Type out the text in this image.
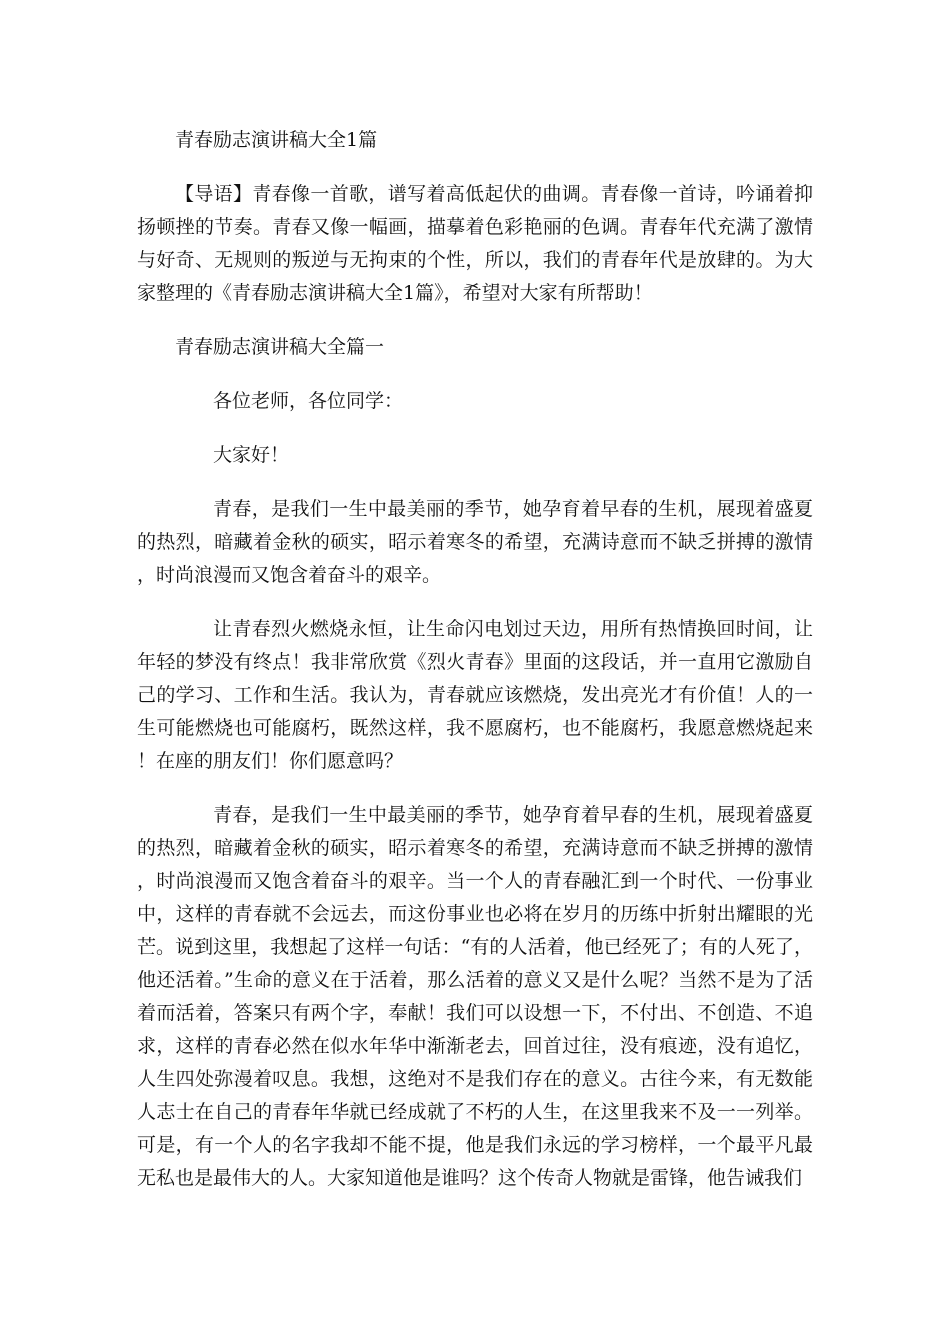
青春励志演讲稿大全1篇

【导语】青春像一首歌，谱写着高低起伏的曲调。青春像一首诗，吟诵着抑扬顿挫的节奏。青春又像一幅画，描摹着色彩艳丽的色调。青春年代充满了激情与好奇、无规则的叛逆与无拘束的个性，所以，我们的青春年代是放肆的。为大家整理的《青春励志演讲稿大全1篇》，希望对大家有所帮助！

青春励志演讲稿大全篇一

各位老师，各位同学：

大家好！

青春，是我们一生中最美丽的季节，她孕育着早春的生机，展现着盛夏的热烈，暗藏着金秋的硕实，昭示着寒冬的希望，充满诗意而不缺乏拼搏的激情，时尚浪漫而又饱含着奋斗的艰辛。

让青春烈火燃烧永恒，让生命闪电划过天边，用所有热情换回时间，让年轻的梦没有终点！我非常欣赏《烈火青春》里面的这段话，并一直用它激励自己的学习、工作和生活。我认为，青春就应该燃烧，发出亮光才有价值！人的一生可能燃烧也可能腐朽，既然这样，我不愿腐朽，也不能腐朽，我愿意燃烧起来！在座的朋友们！你们愿意吗？

青春，是我们一生中最美丽的季节，她孕育着早春的生机，展现着盛夏的热烈，暗藏着金秋的硕实，昭示着寒冬的希望，充满诗意而不缺乏拼搏的激情，时尚浪漫而又饱含着奋斗的艰辛。当一个人的青春融汇到一个时代、一份事业中，这样的青春就不会远去，而这份事业也必将在岁月的历练中折射出耀眼的光芒。说到这里，我想起了这样一句话：“有的人活着，他已经死了；有的人死了，他还活着。”生命的意义在于活着，那么活着的意义又是什么呢？当然不是为了活着而活着，答案只有两个字，奉献！我们可以设想一下，不付出、不创造、不追求，这样的青春必然在似水年华中渐渐老去，回首过往，没有痕迹，没有追忆，人生四处弥漫着叹息。我想，这绝对不是我们存在的意义。古往今来，有无数能人志士在自己的青春年华就已经成就了不朽的人生，在这里我来不及一一列举。可是，有一个人的名字我却不能不提，他是我们永远的学习榜样，一个最平凡最无私也是最伟大的人。大家知道他是谁吗？这个传奇人物就是雷锋，他告诫我们
